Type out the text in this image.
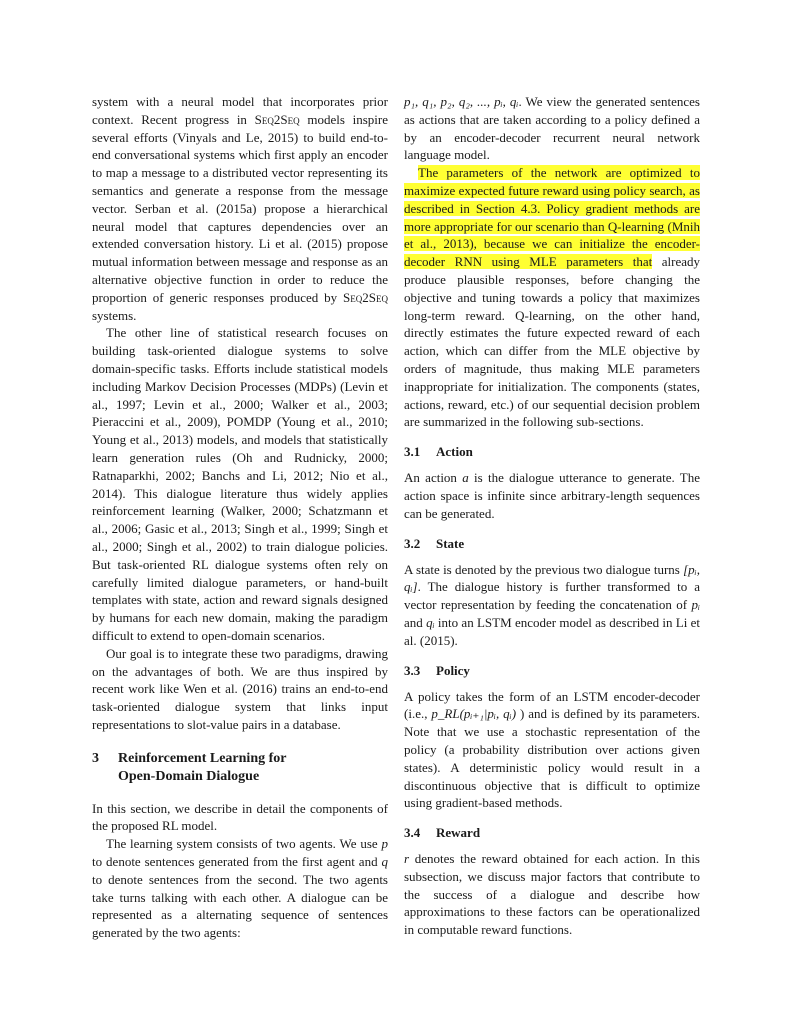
system with a neural model that incorporates prior context. Recent progress in Seq2Seq models inspire several efforts (Vinyals and Le, 2015) to build end-to-end conversational systems which first apply an encoder to map a message to a distributed vector representing its semantics and generate a response from the message vector. Serban et al. (2015a) propose a hierarchical neural model that captures dependencies over an extended conversation history. Li et al. (2015) propose mutual information between message and response as an alternative objective function in order to reduce the proportion of generic responses produced by Seq2Seq systems.

The other line of statistical research focuses on building task-oriented dialogue systems to solve domain-specific tasks. Efforts include statistical models including Markov Decision Processes (MDPs) (Levin et al., 1997; Levin et al., 2000; Walker et al., 2003; Pieraccini et al., 2009), POMDP (Young et al., 2010; Young et al., 2013) models, and models that statistically learn generation rules (Oh and Rudnicky, 2000; Ratnaparkhi, 2002; Banchs and Li, 2012; Nio et al., 2014). This dialogue literature thus widely applies reinforcement learning (Walker, 2000; Schatzmann et al., 2006; Gasic et al., 2013; Singh et al., 1999; Singh et al., 2000; Singh et al., 2002) to train dialogue policies. But task-oriented RL dialogue systems often rely on carefully limited dialogue parameters, or hand-built templates with state, action and reward signals designed by humans for each new domain, making the paradigm difficult to extend to open-domain scenarios.

Our goal is to integrate these two paradigms, drawing on the advantages of both. We are thus inspired by recent work like Wen et al. (2016) trains an end-to-end task-oriented dialogue system that links input representations to slot-value pairs in a database.

3	Reinforcement Learning for
Open-Domain Dialogue

In this section, we describe in detail the components of the proposed RL model.

The learning system consists of two agents. We use p to denote sentences generated from the first agent and q to denote sentences from the second. The two agents take turns talking with each other. A dialogue can be represented as a alternating sequence of sentences generated by the two agents:

p₁, q₁, p₂, q₂, ..., pᵢ, qᵢ. We view the generated sentences as actions that are taken according to a policy defined a by an encoder-decoder recurrent neural network language model.

The parameters of the network are optimized to maximize expected future reward using policy search, as described in Section 4.3. Policy gradient methods are more appropriate for our scenario than Q-learning (Mnih et al., 2013), because we can initialize the encoder-decoder RNN using MLE parameters that already produce plausible responses, before changing the objective and tuning towards a policy that maximizes long-term reward. Q-learning, on the other hand, directly estimates the future expected reward of each action, which can differ from the MLE objective by orders of magnitude, thus making MLE parameters inappropriate for initialization. The components (states, actions, reward, etc.) of our sequential decision problem are summarized in the following sub-sections.

3.1	Action

An action a is the dialogue utterance to generate. The action space is infinite since arbitrary-length sequences can be generated.

3.2	State

A state is denoted by the previous two dialogue turns [pᵢ, qᵢ]. The dialogue history is further transformed to a vector representation by feeding the concatenation of pᵢ and qᵢ into an LSTM encoder model as described in Li et al. (2015).

3.3	Policy

A policy takes the form of an LSTM encoder-decoder (i.e., p_RL(pᵢ₊₁|pᵢ, qᵢ) ) and is defined by its parameters. Note that we use a stochastic representation of the policy (a probability distribution over actions given states). A deterministic policy would result in a discontinuous objective that is difficult to optimize using gradient-based methods.

3.4	Reward

r denotes the reward obtained for each action. In this subsection, we discuss major factors that contribute to the success of a dialogue and describe how approximations to these factors can be operationalized in computable reward functions.
